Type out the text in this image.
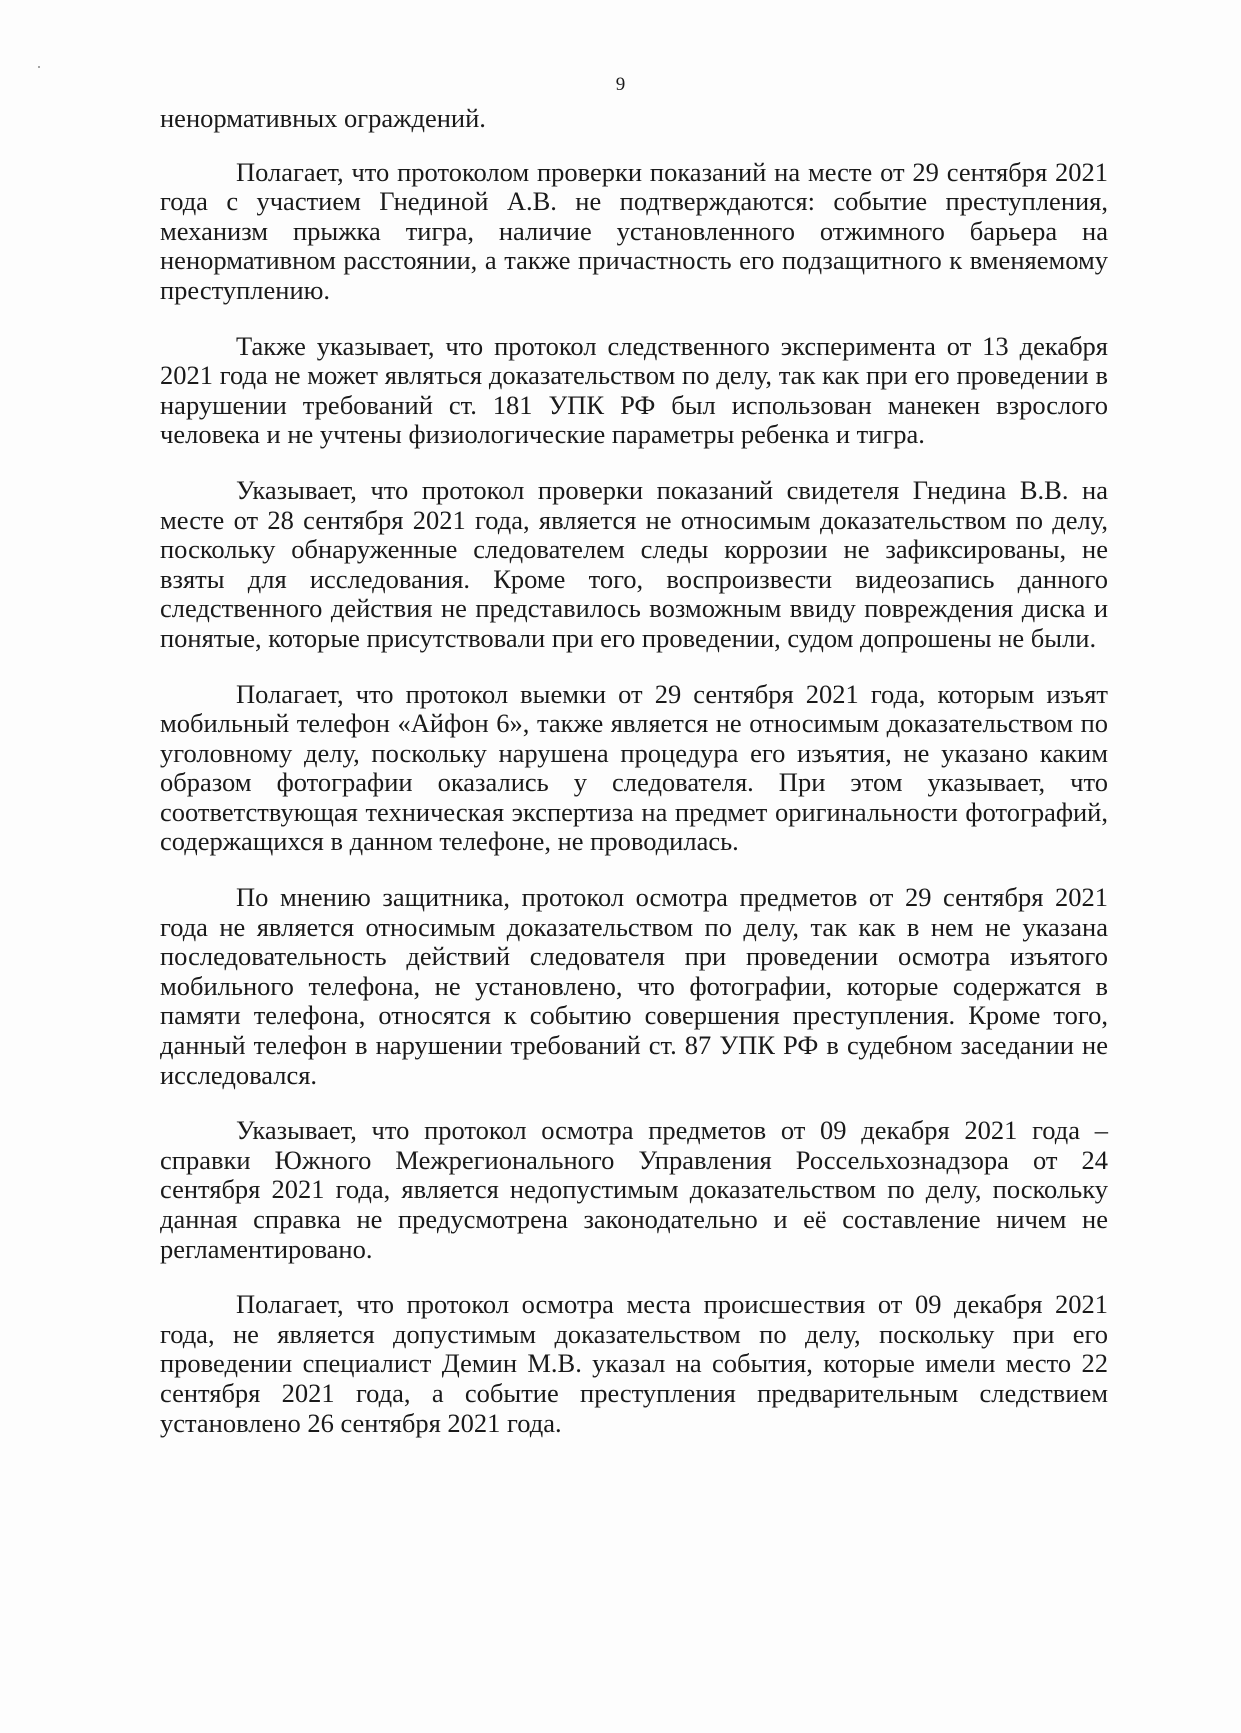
9

ненормативных ограждений.

Полагает, что протоколом проверки показаний на месте от 29 сентября 2021 года с участием Гнединой А.В. не подтверждаются: событие преступления, механизм прыжка тигра, наличие установленного отжимного барьера на ненормативном расстоянии, а также причастность его подзащитного к вменяемому преступлению.

Также указывает, что протокол следственного эксперимента от 13 декабря 2021 года не может являться доказательством по делу, так как при его проведении в нарушении требований ст. 181 УПК РФ был использован манекен взрослого человека и не учтены физиологические параметры ребенка и тигра.

Указывает, что протокол проверки показаний свидетеля Гнедина В.В. на месте от 28 сентября 2021 года, является не относимым доказательством по делу, поскольку обнаруженные следователем следы коррозии не зафиксированы, не взяты для исследования. Кроме того, воспроизвести видеозапись данного следственного действия не представилось возможным ввиду повреждения диска и понятые, которые присутствовали при его проведении, судом допрошены не были.

Полагает, что протокол выемки от 29 сентября 2021 года, которым изъят мобильный телефон «Айфон 6», также является не относимым доказательством по уголовному делу, поскольку нарушена процедура его изъятия, не указано каким образом фотографии оказались у следователя. При этом указывает, что соответствующая техническая экспертиза на предмет оригинальности фотографий, содержащихся в данном телефоне, не проводилась.

По мнению защитника, протокол осмотра предметов от 29 сентября 2021 года не является относимым доказательством по делу, так как в нем не указана последовательность действий следователя при проведении осмотра изъятого мобильного телефона, не установлено, что фотографии, которые содержатся в памяти телефона, относятся к событию совершения преступления. Кроме того, данный телефон в нарушении требований ст. 87 УПК РФ в судебном заседании не исследовался.

Указывает, что протокол осмотра предметов от 09 декабря 2021 года – справки Южного Межрегионального Управления Россельхознадзора от 24 сентября 2021 года, является недопустимым доказательством по делу, поскольку данная справка не предусмотрена законодательно и её составление ничем не регламентировано.

Полагает, что протокол осмотра места происшествия от 09 декабря 2021 года, не является допустимым доказательством по делу, поскольку при его проведении специалист Демин М.В. указал на события, которые имели место 22 сентября 2021 года, а событие преступления предварительным следствием установлено 26 сентября 2021 года.
